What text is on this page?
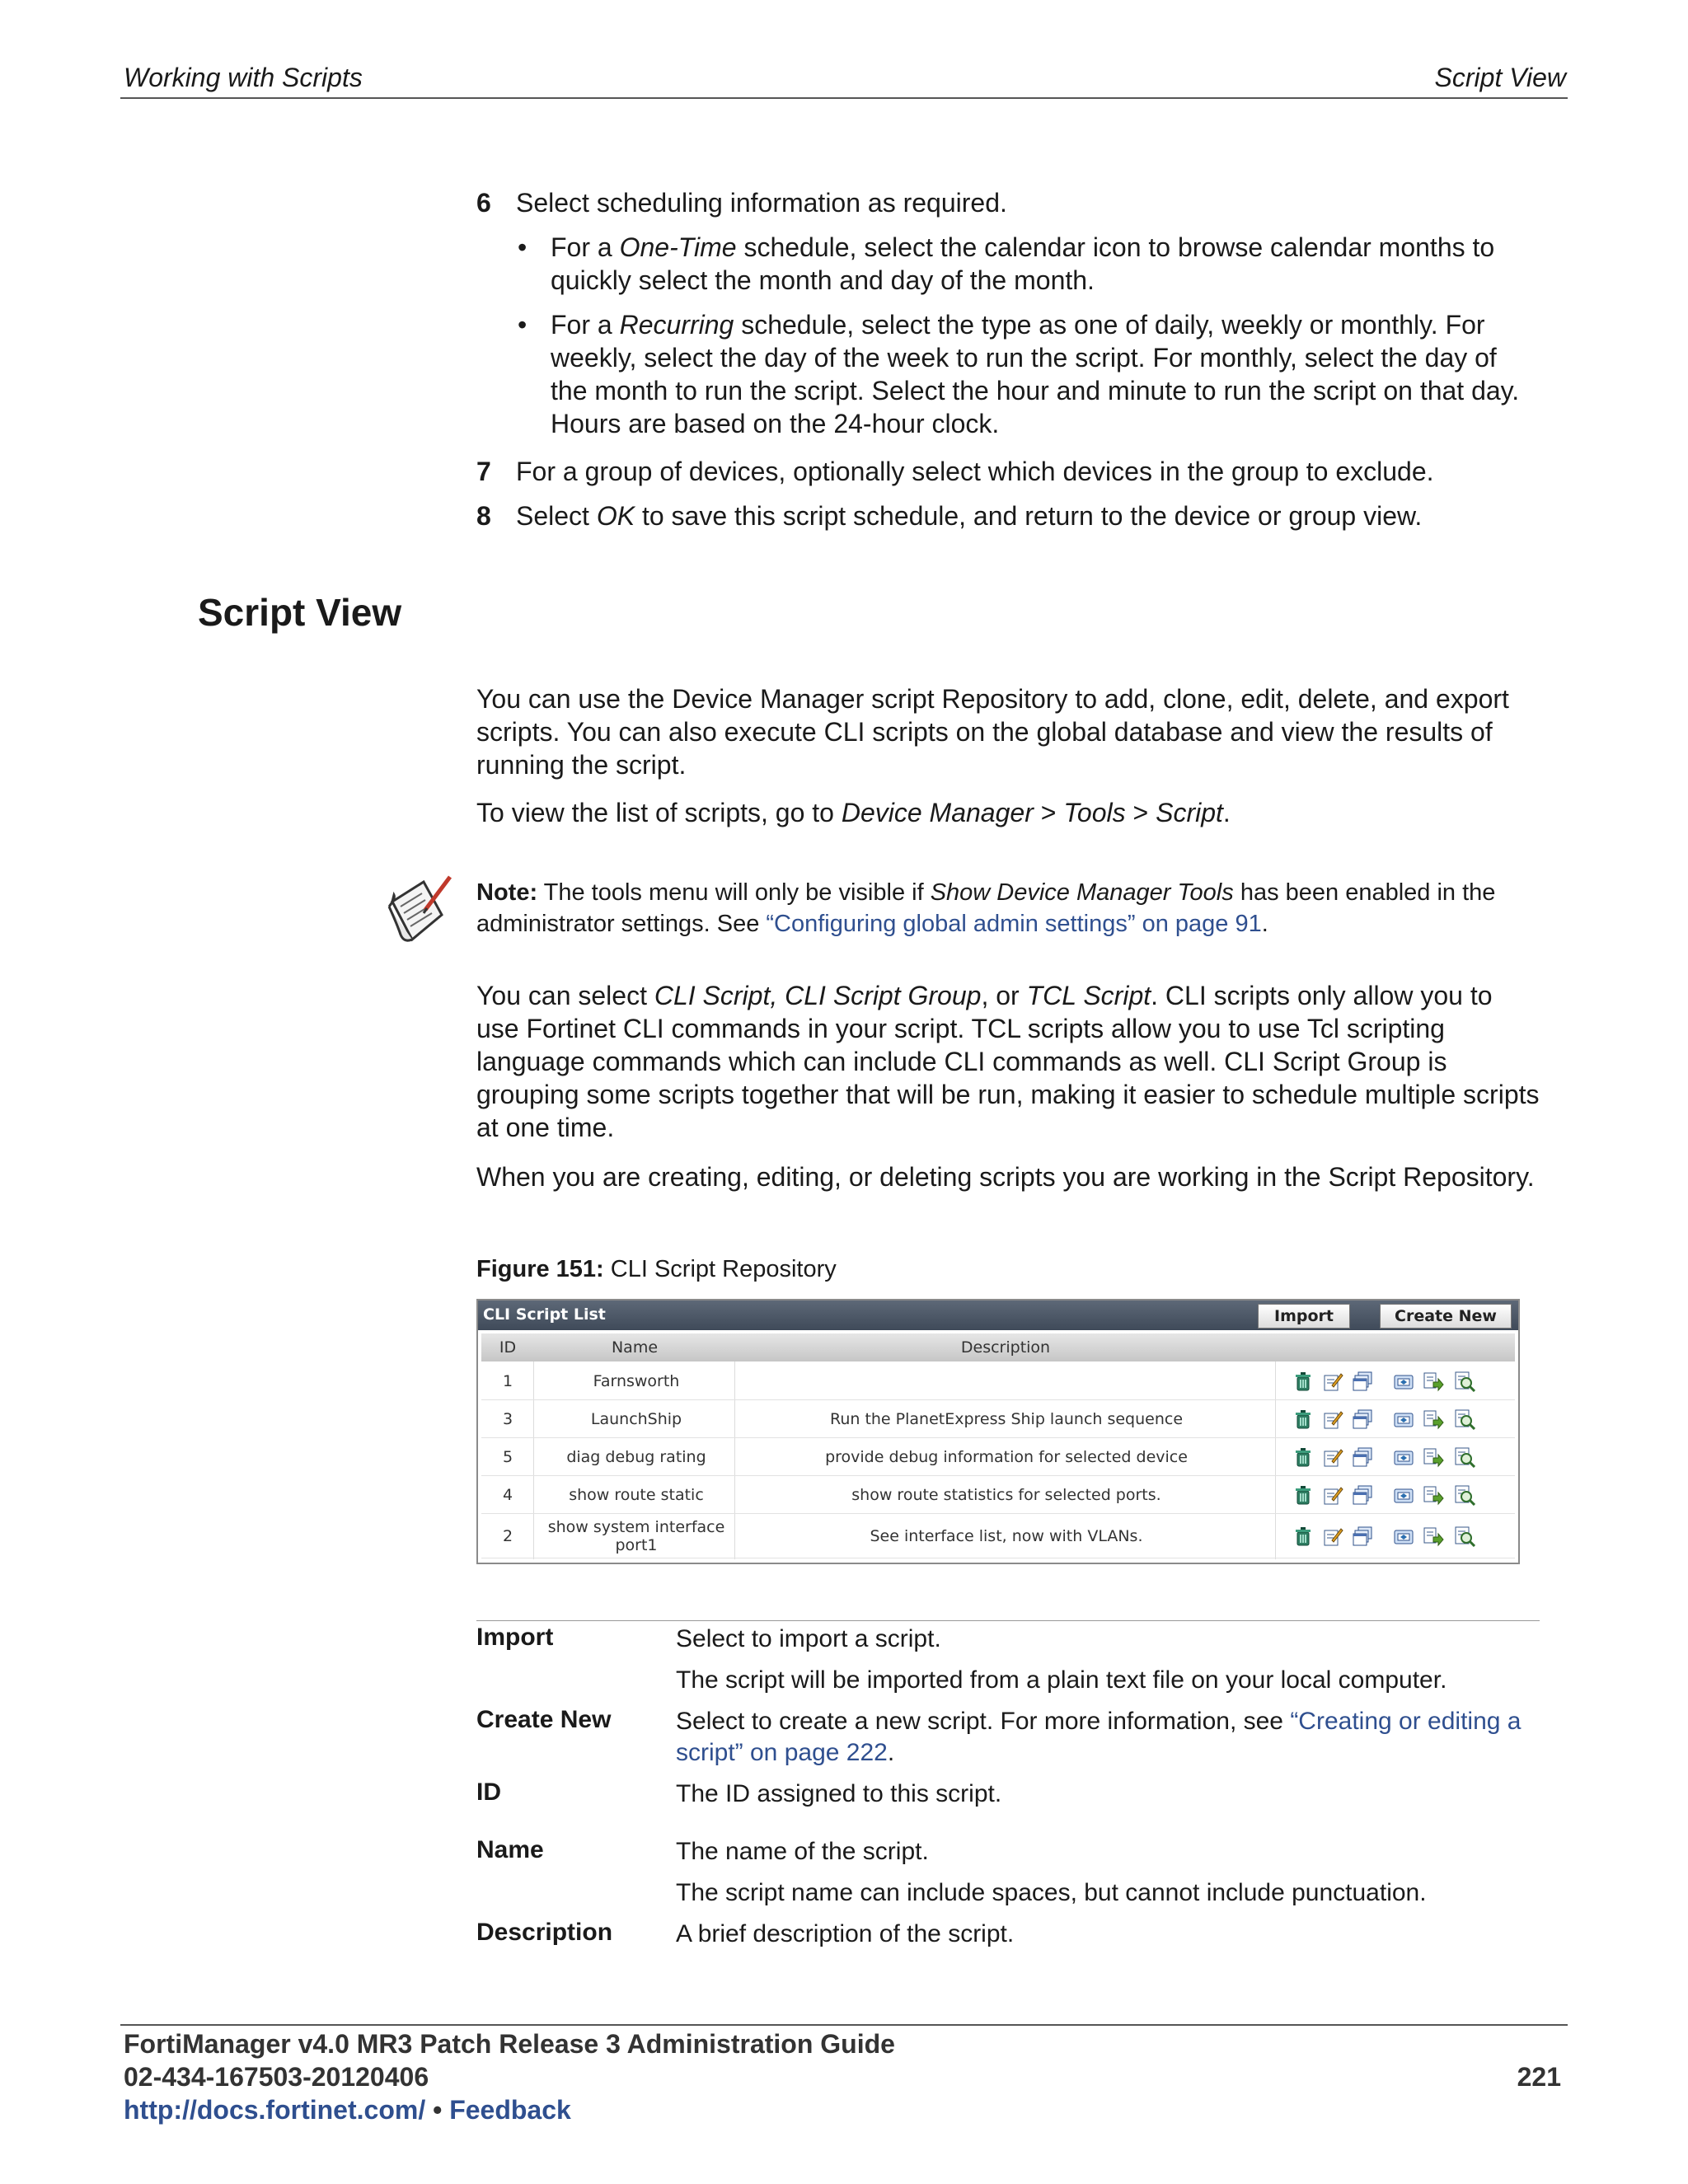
Working with Scripts	Script View
6 Select scheduling information as required.
• For a One-Time schedule, select the calendar icon to browse calendar months to quickly select the month and day of the month.
• For a Recurring schedule, select the type as one of daily, weekly or monthly. For weekly, select the day of the week to run the script. For monthly, select the day of the month to run the script. Select the hour and minute to run the script on that day. Hours are based on the 24-hour clock.
7 For a group of devices, optionally select which devices in the group to exclude.
8 Select OK to save this script schedule, and return to the device or group view.
Script View
You can use the Device Manager script Repository to add, clone, edit, delete, and export scripts. You can also execute CLI scripts on the global database and view the results of running the script.
To view the list of scripts, go to Device Manager > Tools > Script.
Note: The tools menu will only be visible if Show Device Manager Tools has been enabled in the administrator settings. See “Configuring global admin settings” on page 91.
You can select CLI Script, CLI Script Group, or TCL Script. CLI scripts only allow you to use Fortinet CLI commands in your script. TCL scripts allow you to use Tcl scripting language commands which can include CLI commands as well. CLI Script Group is grouping some scripts together that will be run, making it easier to schedule multiple scripts at one time.
When you are creating, editing, or deleting scripts you are working in the Script Repository.
Figure 151: CLI Script Repository
CLI Script List	Import	Create New
ID	Name	Description
1	Farnsworth
3	LaunchShip	Run the PlanetExpress Ship launch sequence
5	diag debug rating	provide debug information for selected device
4	show route static	show route statistics for selected ports.
2	show system interface port1	See interface list, now with VLANs.
Import	Select to import a script.
The script will be imported from a plain text file on your local computer.
Create New	Select to create a new script. For more information, see “Creating or editing a script” on page 222.
ID	The ID assigned to this script.
Name	The name of the script.
The script name can include spaces, but cannot include punctuation.
Description	A brief description of the script.
FortiManager v4.0 MR3 Patch Release 3 Administration Guide
02-434-167503-20120406
http://docs.fortinet.com/ • Feedback
221
